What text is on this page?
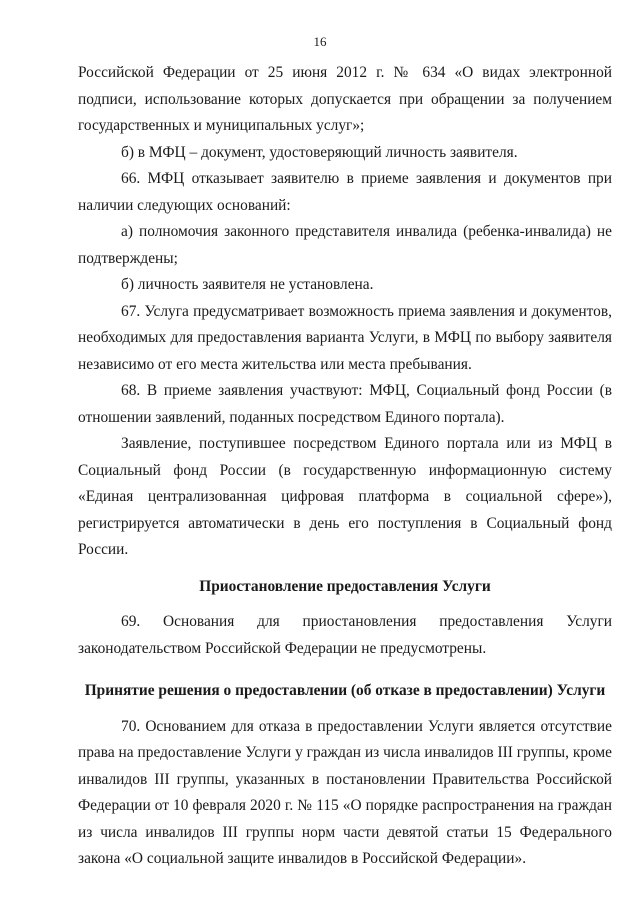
16

Российской Федерации от 25 июня 2012 г. № 634 «О видах электронной подписи, использование которых допускается при обращении за получением государственных и муниципальных услуг»;

б) в МФЦ – документ, удостоверяющий личность заявителя.

66. МФЦ отказывает заявителю в приеме заявления и документов при наличии следующих оснований:

а) полномочия законного представителя инвалида (ребенка-инвалида) не подтверждены;

б) личность заявителя не установлена.

67. Услуга предусматривает возможность приема заявления и документов, необходимых для предоставления варианта Услуги, в МФЦ по выбору заявителя независимо от его места жительства или места пребывания.

68. В приеме заявления участвуют: МФЦ, Социальный фонд России (в отношении заявлений, поданных посредством Единого портала).

Заявление, поступившее посредством Единого портала или из МФЦ в Социальный фонд России (в государственную информационную систему «Единая централизованная цифровая платформа в социальной сфере»), регистрируется автоматически в день его поступления в Социальный фонд России.

Приостановление предоставления Услуги

69. Основания для приостановления предоставления Услуги законодательством Российской Федерации не предусмотрены.

Принятие решения о предоставлении (об отказе в предоставлении) Услуги

70. Основанием для отказа в предоставлении Услуги является отсутствие права на предоставление Услуги у граждан из числа инвалидов III группы, кроме инвалидов III группы, указанных в постановлении Правительства Российской Федерации от 10 февраля 2020 г. № 115 «О порядке распространения на граждан из числа инвалидов III группы норм части девятой статьи 15 Федерального закона «О социальной защите инвалидов в Российской Федерации».
